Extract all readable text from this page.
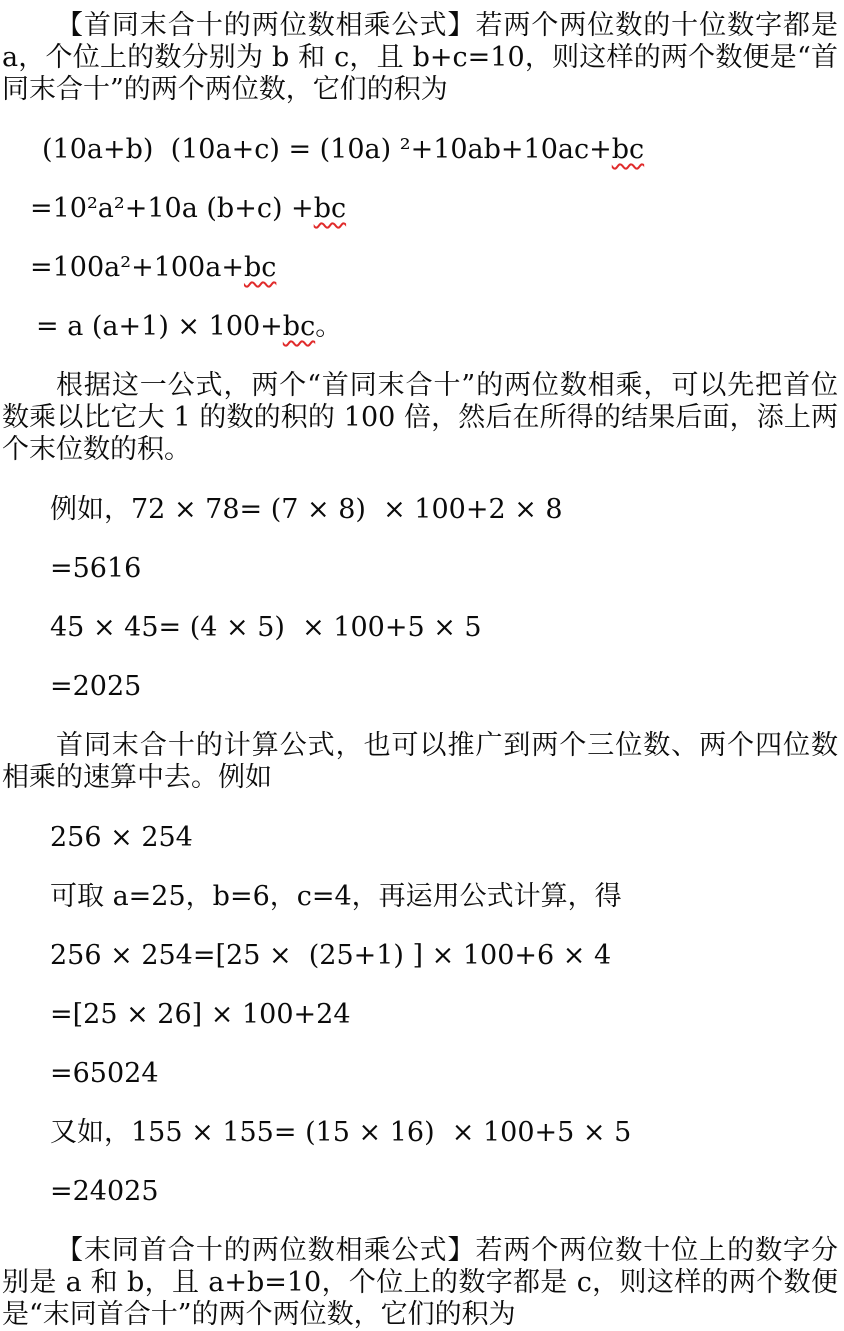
【首同末合十的两位数相乘公式】若两个两位数的十位数字都是 a，个位上的数分别为 b 和 c，且 b+c=10，则这样的两个数便是“首同末合十”的两个两位数，它们的积为

(10a+b)  (10a+c) = (10a) ²+10ab+10ac+bc

=10²a²+10a (b+c) +bc

=100a²+100a+bc

= a (a+1) × 100+bc。

根据这一公式，两个“首同末合十”的两位数相乘，可以先把首位数乘以比它大 1 的数的积的 100 倍，然后在所得的结果后面，添上两个末位数的积。

例如，72 × 78= (7 × 8)  × 100+2 × 8

=5616

45 × 45= (4 × 5)  × 100+5 × 5

=2025

首同末合十的计算公式，也可以推广到两个三位数、两个四位数相乘的速算中去。例如

256 × 254

可取 a=25，b=6，c=4，再运用公式计算，得

256 × 254=[25 ×  (25+1) ] × 100+6 × 4

=[25 × 26] × 100+24

=65024

又如，155 × 155= (15 × 16)  × 100+5 × 5

=24025

【末同首合十的两位数相乘公式】若两个两位数十位上的数字分别是 a 和 b，且 a+b=10，个位上的数字都是 c，则这样的两个数便是“末同首合十”的两个两位数，它们的积为
